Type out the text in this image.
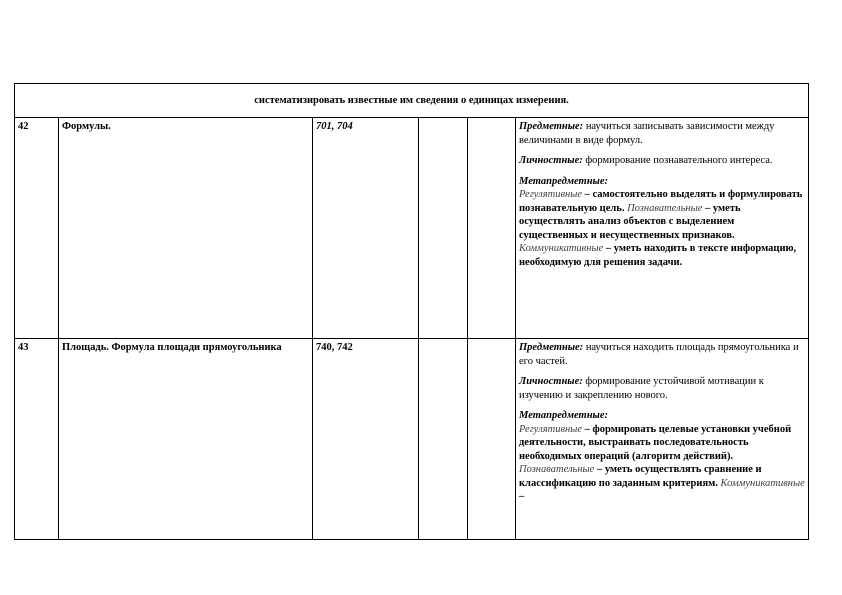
систематизировать известные им сведения о единицах измерения.					
42	Формулы.	701, 704			Предметные: научиться записывать зависимости между величинами в виде формул.

Личностные: формирование познавательного интереса.

Метапредметные:
Регулятивные – самостоятельно выделять и формулировать познавательную цель. Познавательные – уметь осуществлять анализ объектов с выделением существенных и несущественных признаков. Коммуникативные – уметь находить в тексте информацию, необходимую для решения задачи.

43	Площадь. Формула площади прямоугольника	740, 742			Предметные: научиться находить площадь прямоугольника и его частей.

Личностные: формирование устойчивой мотивации к изучению и закреплению нового.

Метапредметные:
Регулятивные – формировать целевые установки учебной деятельности, выстраивать последовательность необходимых операций (алгоритм действий). Познавательные – уметь осуществлять сравнение и классификацию по заданным критериям. Коммуникативные –
